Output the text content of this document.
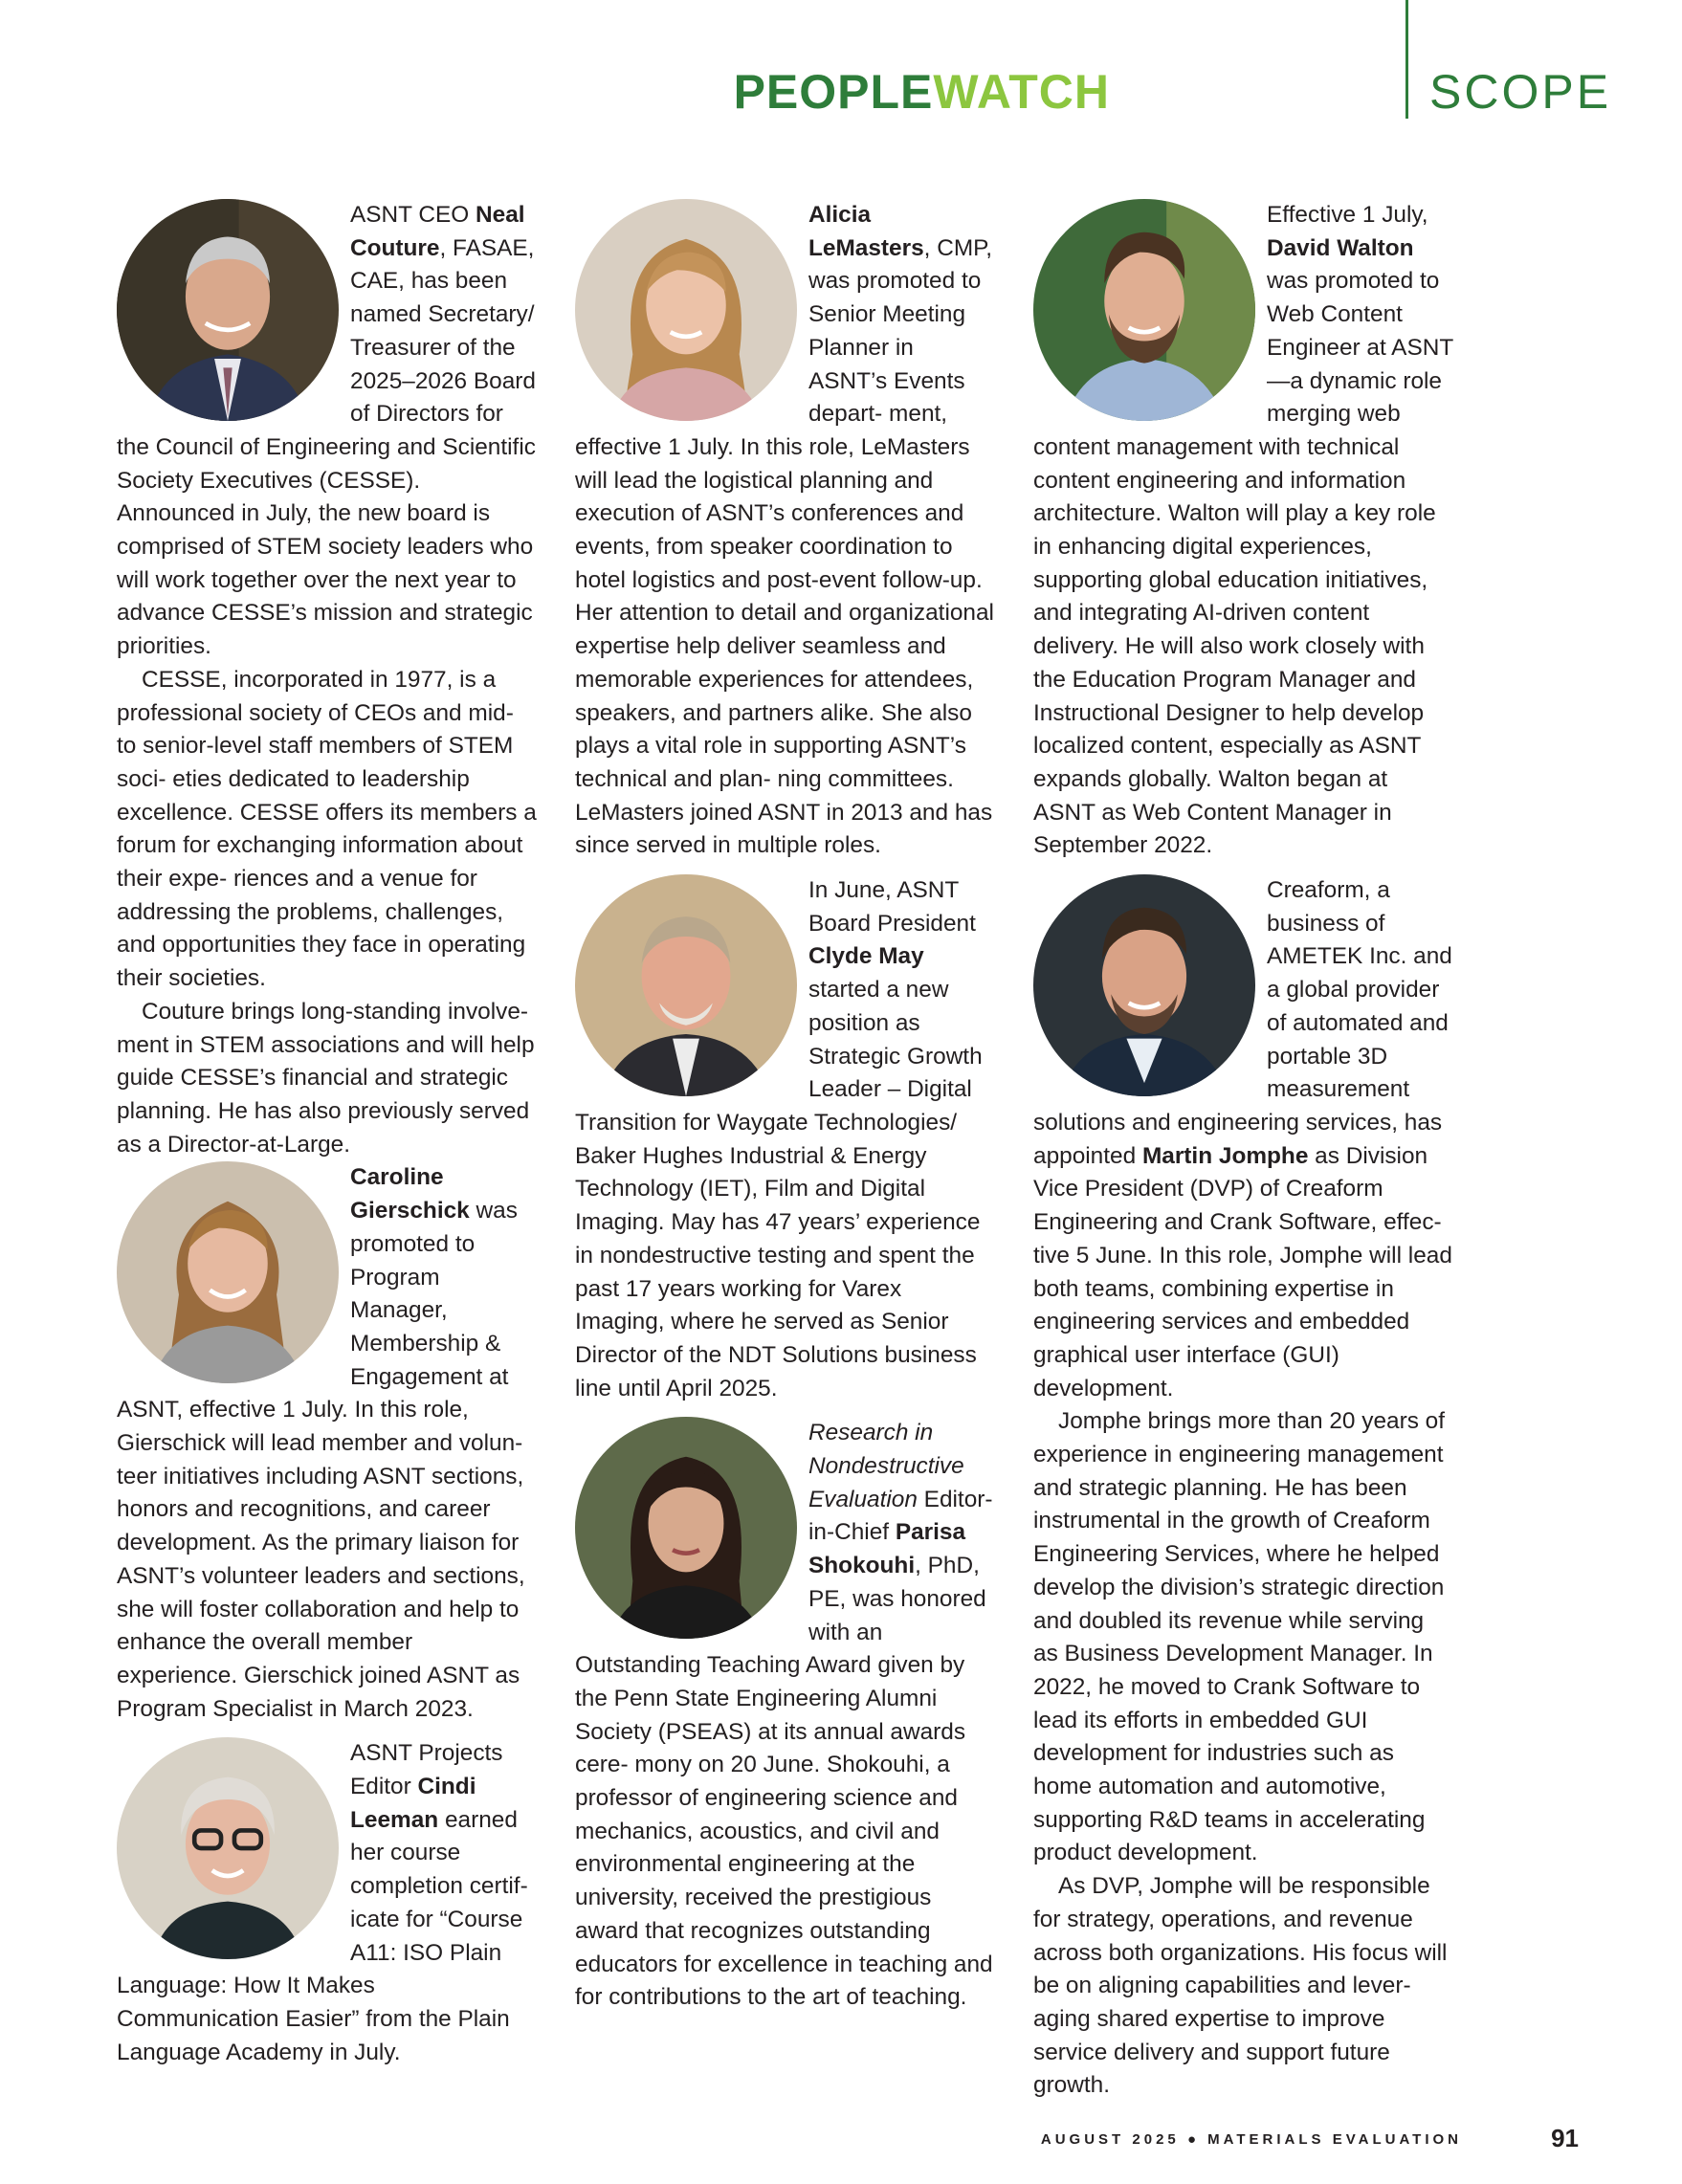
PEOPLEWATCH	SCOPE

ASNT CEO Neal Couture, FASAE, CAE, has been named Secretary/ Treasurer of the 2025–2026 Board of Directors for the Council of Engineering and Scientific Society Executives (CESSE). Announced in July, the new board is comprised of STEM society leaders who will work together over the next year to advance CESSE’s mission and strategic priorities.

CESSE, incorporated in 1977, is a professional society of CEOs and mid- to senior-level staff members of STEM soci- eties dedicated to leadership excellence. CESSE offers its members a forum for exchanging information about their expe- riences and a venue for addressing the problems, challenges, and opportunities they face in operating their societies.

Couture brings long-standing involve- ment in STEM associations and will help guide CESSE’s financial and strategic planning. He has also previously served as a Director-at-Large.

Caroline Gierschick was promoted to Program Manager, Membership & Engagement at ASNT, effective 1 July. In this role, Gierschick will lead member and volun- teer initiatives including ASNT sections, honors and recognitions, and career development. As the primary liaison for ASNT’s volunteer leaders and sections, she will foster collaboration and help to enhance the overall member experience. Gierschick joined ASNT as Program Specialist in March 2023.

ASNT Projects Editor Cindi Leeman earned her course completion certif- icate for “Course A11: ISO Plain Language: How It Makes Communication Easier” from the Plain Language Academy in July.

Alicia LeMasters, CMP, was promoted to Senior Meeting Planner in ASNT’s Events depart- ment, effective 1 July. In this role, LeMasters will lead the logistical planning and execution of ASNT’s conferences and events, from speaker coordination to hotel logistics and post-event follow-up. Her attention to detail and organizational expertise help deliver seamless and memorable experiences for attendees, speakers, and partners alike. She also plays a vital role in supporting ASNT’s technical and plan- ning committees. LeMasters joined ASNT in 2013 and has since served in multiple roles.

In June, ASNT Board President Clyde May started a new position as Strategic Growth Leader – Digital Transition for Waygate Technologies/ Baker Hughes Industrial & Energy Technology (IET), Film and Digital Imaging. May has 47 years’ experience in nondestructive testing and spent the past 17 years working for Varex Imaging, where he served as Senior Director of the NDT Solutions business line until April 2025.

Research in Nondestructive Evaluation Editor- in-Chief Parisa Shokouhi, PhD, PE, was honored with an Outstanding Teaching Award given by the Penn State Engineering Alumni Society (PSEAS) at its annual awards cere- mony on 20 June. Shokouhi, a professor of engineering science and mechanics, acoustics, and civil and environmental engineering at the university, received the prestigious award that recognizes outstanding educators for excellence in teaching and for contributions to the art of teaching.

Effective 1 July, David Walton was promoted to Web Content Engineer at ASNT—a dynamic role merging web content management with technical content engineering and information architecture. Walton will play a key role in enhancing digital experiences, supporting global education initiatives, and integrating AI-driven content delivery. He will also work closely with the Education Program Manager and Instructional Designer to help develop localized content, especially as ASNT expands globally. Walton began at ASNT as Web Content Manager in September 2022.

Creaform, a business of AMETEK Inc. and a global provider of automated and portable 3D measurement solutions and engineering services, has appointed Martin Jomphe as Division Vice President (DVP) of Creaform Engineering and Crank Software, effec- tive 5 June. In this role, Jomphe will lead both teams, combining expertise in engineering services and embedded graphical user interface (GUI) development.

Jomphe brings more than 20 years of experience in engineering management and strategic planning. He has been instrumental in the growth of Creaform Engineering Services, where he helped develop the division’s strategic direction and doubled its revenue while serving as Business Development Manager. In 2022, he moved to Crank Software to lead its efforts in embedded GUI development for industries such as home automation and automotive, supporting R&D teams in accelerating product development.

As DVP, Jomphe will be responsible for strategy, operations, and revenue across both organizations. His focus will be on aligning capabilities and lever- aging shared expertise to improve service delivery and support future growth.

AUGUST 2025 ● MATERIALS EVALUATION	91
